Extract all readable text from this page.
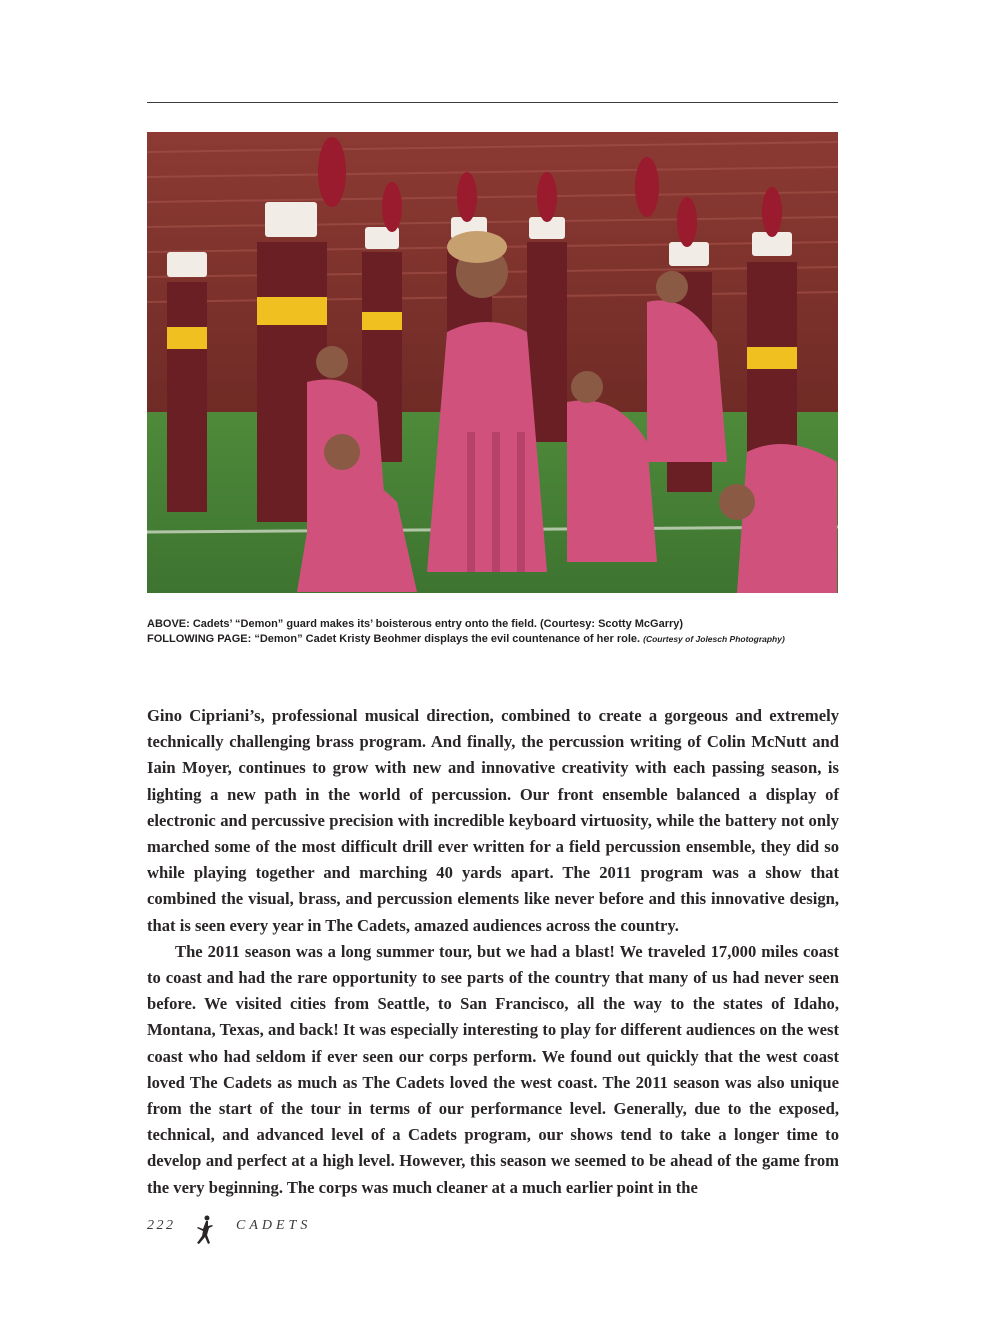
ABOVE: Cadets’ “Demon” guard makes its’ boisterous entry onto the field. (Courtesy: Scotty McGarry)
FOLLOWING PAGE: “Demon” Cadet Kristy Beohmer displays the evil countenance of her role. (Courtesy of Jolesch Photography)

Gino Cipriani’s, professional musical direction, combined to create a gorgeous and extremely technically challenging brass program. And finally, the percussion writing of Colin McNutt and Iain Moyer, continues to grow with new and innovative creativity with each passing season, is lighting a new path in the world of percussion. Our front ensemble balanced a display of electronic and percussive precision with incredible keyboard virtuosity, while the battery not only marched some of the most difficult drill ever written for a field percussion ensemble, they did so while playing together and marching 40 yards apart. The 2011 program was a show that combined the visual, brass, and percussion elements like never before and this innovative design, that is seen every year in The Cadets, amazed audiences across the country.

The 2011 season was a long summer tour, but we had a blast! We traveled 17,000 miles coast to coast and had the rare opportunity to see parts of the country that many of us had never seen before. We visited cities from Seattle, to San Francisco, all the way to the states of Idaho, Montana, Texas, and back! It was especially interesting to play for different audiences on the west coast who had seldom if ever seen our corps perform. We found out quickly that the west coast loved The Cadets as much as The Cadets loved the west coast. The 2011 season was also unique from the start of the tour in terms of our performance level. Generally, due to the exposed, technical, and advanced level of a Cadets program, our shows tend to take a longer time to develop and perfect at a high level. However, this season we seemed to be ahead of the game from the very beginning. The corps was much cleaner at a much earlier point in the

222	CADETS
